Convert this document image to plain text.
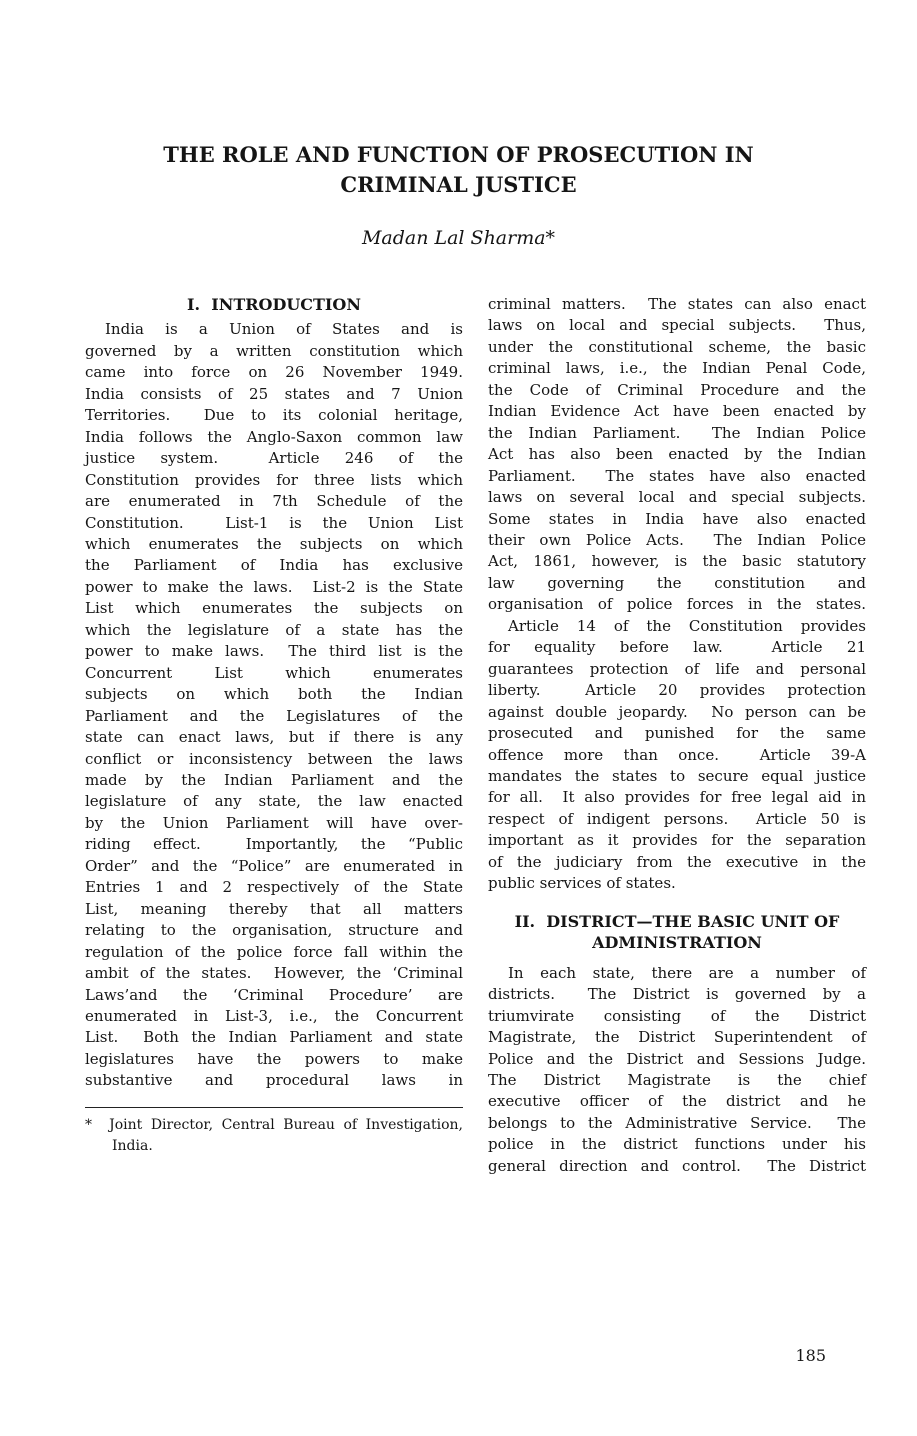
THE ROLE AND FUNCTION OF PROSECUTION IN
CRIMINAL JUSTICE
Madan Lal Sharma*
I.  INTRODUCTION
India is a Union of States and is
governed by a written constitution which
came into force on 26 November 1949.
India consists of 25 states and 7 Union
Territories.  Due to its colonial heritage,
India follows the Anglo-Saxon common law
justice system.  Article 246 of the
Constitution provides for three lists which
are enumerated in 7th Schedule of the
Constitution.  List-1 is the Union List
which enumerates the subjects on which
the Parliament of India has exclusive
power to make the laws.  List-2 is the State
List which enumerates the subjects on
which the legislature of a state has the
power to make laws.  The third list is the
Concurrent List which enumerates
subjects on which both the Indian
Parliament and the Legislatures of the
state can enact laws, but if there is any
conflict or inconsistency between the laws
made by the Indian Parliament and the
legislature of any state, the law enacted
by the Union Parliament will have over-
riding effect.  Importantly, the “Public
Order” and the “Police” are enumerated in
Entries 1 and 2 respectively of the State
List, meaning thereby that all matters
relating to the organisation, structure and
regulation of the police force fall within the
ambit of the states.  However, the ‘Criminal
Laws’and the ‘Criminal Procedure’ are
enumerated in List-3, i.e., the Concurrent
List.  Both the Indian Parliament and state
legislatures have the powers to make
substantive and procedural laws in
*  Joint Director, Central Bureau of Investigation,
India.
criminal matters.  The states can also enact
laws on local and special subjects.  Thus,
under the constitutional scheme, the basic
criminal laws, i.e., the Indian Penal Code,
the Code of Criminal Procedure and the
Indian Evidence Act have been enacted by
the Indian Parliament.  The Indian Police
Act has also been enacted by the Indian
Parliament.  The states have also enacted
laws on several local and special subjects.
Some states in India have also enacted
their own Police Acts.  The Indian Police
Act, 1861, however, is the basic statutory
law governing the constitution and
organisation of police forces in the states.
Article 14 of the Constitution provides
for equality before law.  Article 21
guarantees protection of life and personal
liberty.  Article 20 provides protection
against double jeopardy.  No person can be
prosecuted and punished for the same
offence more than once.  Article 39-A
mandates the states to secure equal justice
for all.  It also provides for free legal aid in
respect of indigent persons.  Article 50 is
important as it provides for the separation
of the judiciary from the executive in the
public services of states.
II.  DISTRICT—THE BASIC UNIT OF
ADMINISTRATION
In each state, there are a number of
districts.  The District is governed by a
triumvirate consisting of the District
Magistrate, the District Superintendent of
Police and the District and Sessions Judge.
The District Magistrate is the chief
executive officer of the district and he
belongs to the Administrative Service.  The
police in the district functions under his
general direction and control.  The District
185
